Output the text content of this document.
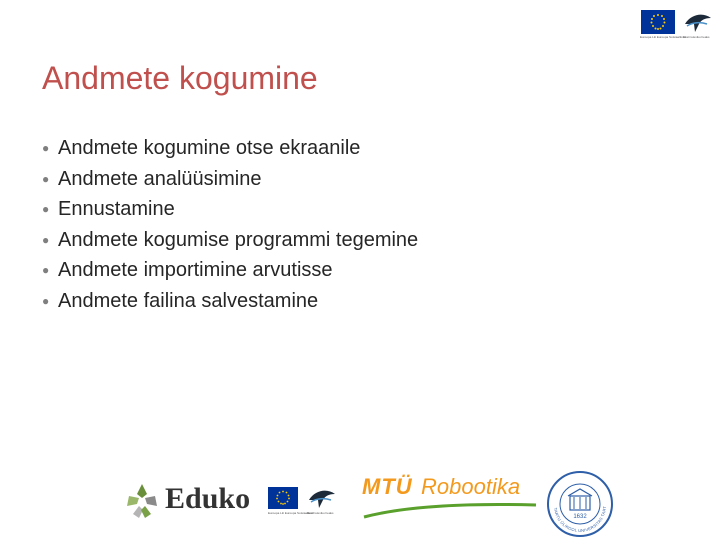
Euroopa Liit Euroopa Sotsiaalfond
Eesti tuleviku heaks
Andmete kogumine
● Andmete kogumine otse ekraanile
● Andmete analüüsimine
● Ennustamine
● Andmete kogumise programmi tegemine
● Andmete importimine arvutisse
● Andmete failina salvestamine
Eduko	Euroopa Liit Euroopa Sotsiaalfond
Eesti tuleviku heaks
MTÜ Robootika
1632
TARTU ÜLIKOOL UNIVERSITAS TART
